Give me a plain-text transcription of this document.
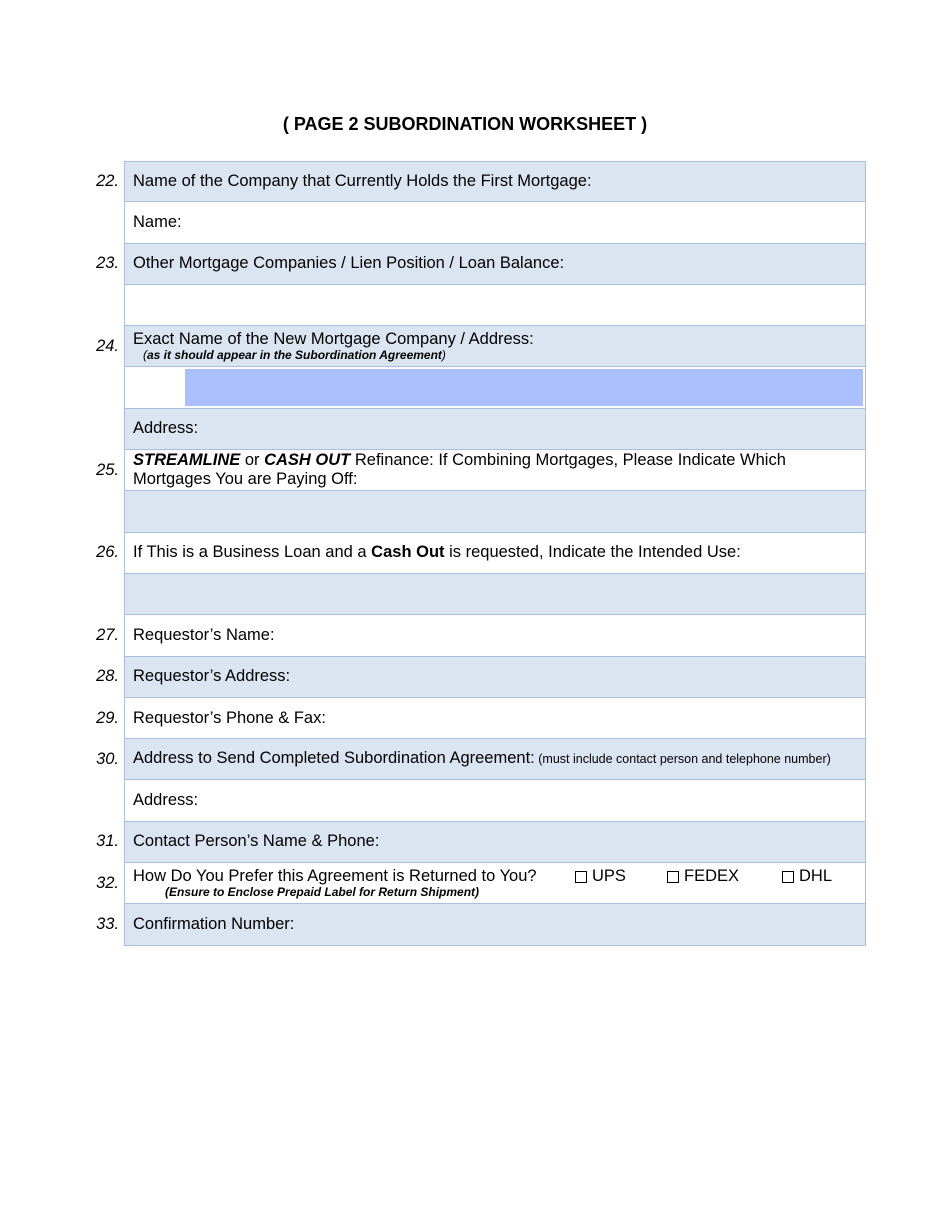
( PAGE 2 SUBORDINATION WORKSHEET )
22. Name of the Company that Currently Holds the First Mortgage:
Name:
23. Other Mortgage Companies / Lien Position / Loan Balance:
24. Exact Name of the New Mortgage Company / Address:
(as it should appear in the Subordination Agreement)
Address:
25.
STREAMLINE or CASH OUT Refinance: If Combining Mortgages, Please Indicate Which Mortgages You are Paying Off:
26. If This is a Business Loan and a Cash Out is requested, Indicate the Intended Use:
27. Requestor’s Name:
28. Requestor’s Address:
29. Requestor’s Phone & Fax:
30. Address to Send Completed Subordination Agreement: (must include contact person and telephone number)
Address:
31. Contact Person’s Name & Phone:
32. How Do You Prefer this Agreement is Returned to You?	UPS	FEDEX	DHL
(Ensure to Enclose Prepaid Label for Return Shipment)
33. Confirmation Number:
